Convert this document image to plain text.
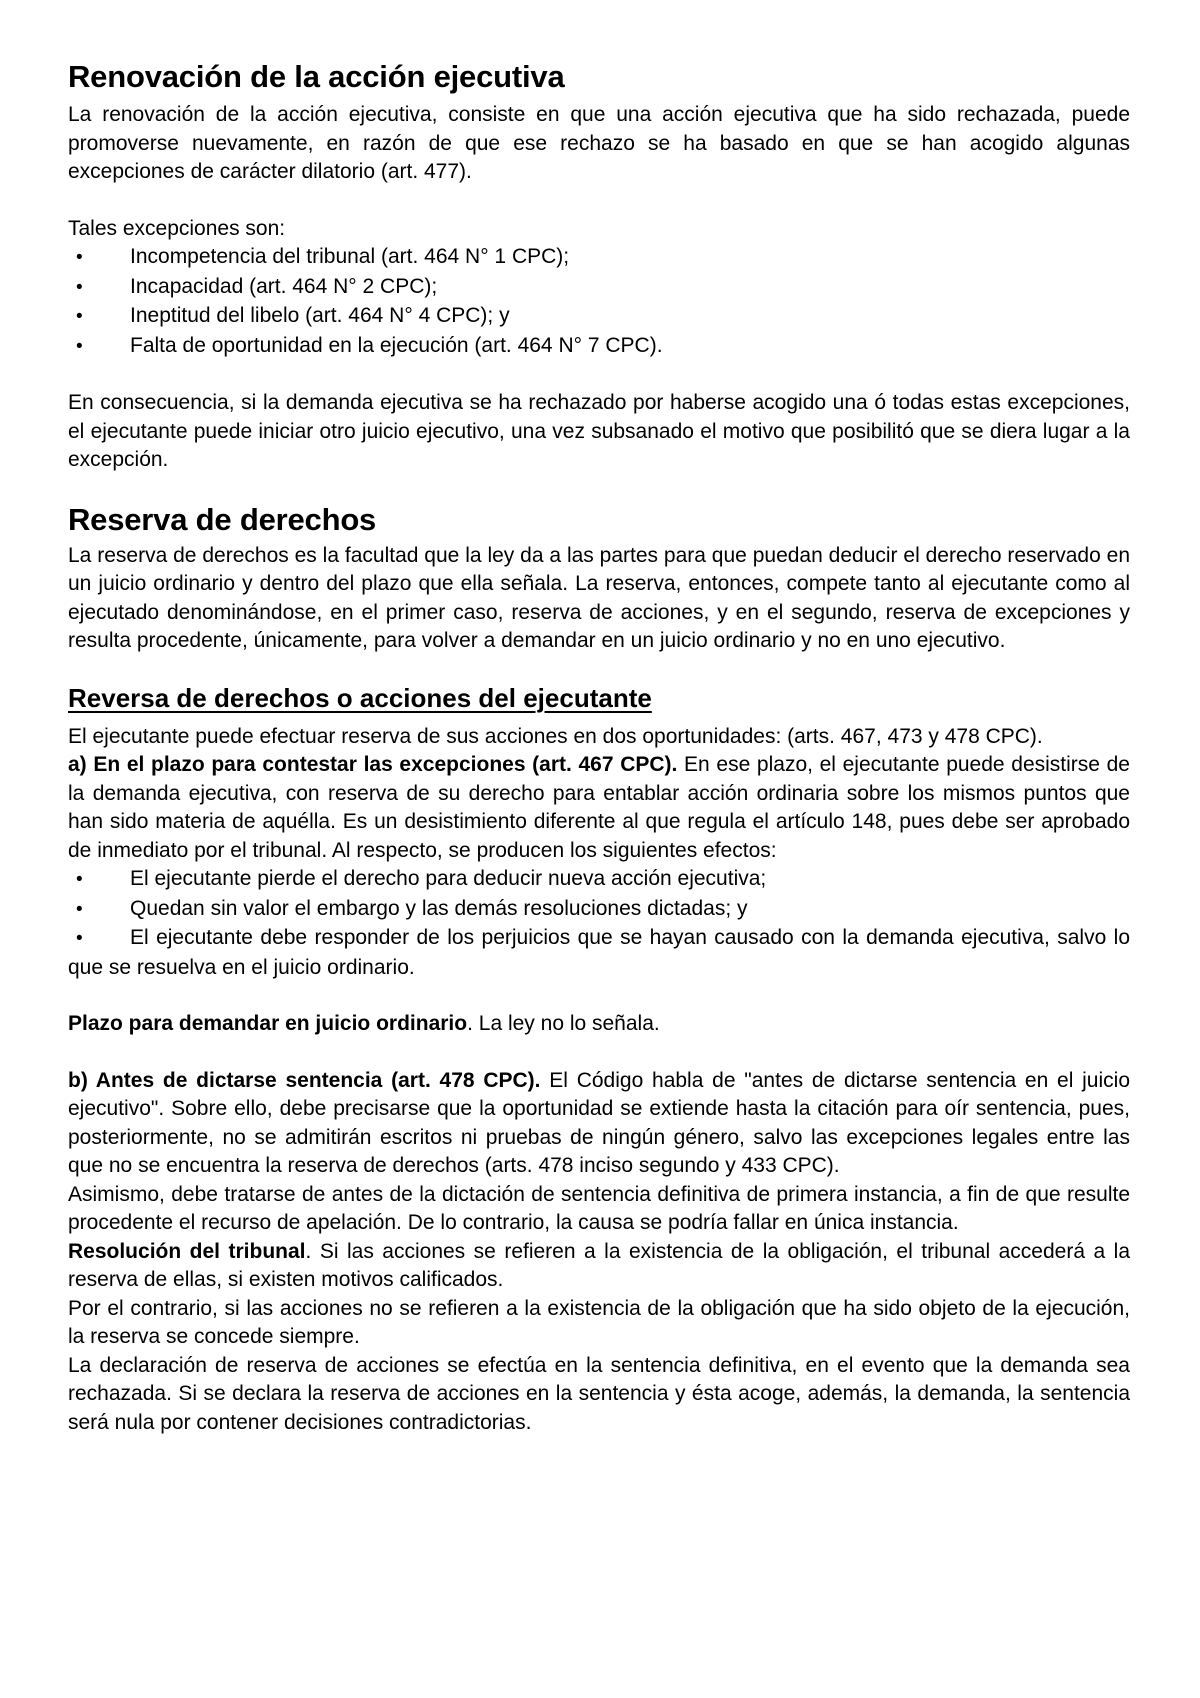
Renovación de la acción ejecutiva

La renovación de la acción ejecutiva, consiste en que una acción ejecutiva que ha sido rechazada, puede promoverse nuevamente, en razón de que ese rechazo se ha basado en que se han acogido algunas excepciones de carácter dilatorio (art. 477).

Tales excepciones son:

• Incompetencia del tribunal (art. 464 N° 1 CPC);
• Incapacidad (art. 464 N° 2 CPC);
• Ineptitud del libelo (art. 464 N° 4 CPC); y
• Falta de oportunidad en la ejecución (art. 464 N° 7 CPC).

En consecuencia, si la demanda ejecutiva se ha rechazado por haberse acogido una ó todas estas excepciones, el ejecutante puede iniciar otro juicio ejecutivo, una vez subsanado el motivo que posibilitó que se diera lugar a la excepción.

Reserva de derechos

La reserva de derechos es la facultad que la ley da a las partes para que puedan deducir el derecho reservado en un juicio ordinario y dentro del plazo que ella señala. La reserva, entonces, compete tanto al ejecutante como al ejecutado denominándose, en el primer caso, reserva de acciones, y en el segundo, reserva de excepciones y resulta procedente, únicamente, para volver a demandar en un juicio ordinario y no en uno ejecutivo.

Reversa de derechos o acciones del ejecutante

El ejecutante puede efectuar reserva de sus acciones en dos oportunidades: (arts. 467, 473 y 478 CPC).

a) En el plazo para contestar las excepciones (art. 467 CPC). En ese plazo, el ejecutante puede desistirse de la demanda ejecutiva, con reserva de su derecho para entablar acción ordinaria sobre los mismos puntos que han sido materia de aquélla. Es un desistimiento diferente al que regula el artículo 148, pues debe ser aprobado de inmediato por el tribunal. Al respecto, se producen los siguientes efectos:

• El ejecutante pierde el derecho para deducir nueva acción ejecutiva;
• Quedan sin valor el embargo y las demás resoluciones dictadas; y
• El ejecutante debe responder de los perjuicios que se hayan causado con la demanda ejecutiva, salvo lo que se resuelva en el juicio ordinario.

Plazo para demandar en juicio ordinario. La ley no lo señala.

b) Antes de dictarse sentencia (art. 478 CPC). El Código habla de "antes de dictarse sentencia en el juicio ejecutivo". Sobre ello, debe precisarse que la oportunidad se extiende hasta la citación para oír sentencia, pues, posteriormente, no se admitirán escritos ni pruebas de ningún género, salvo las excepciones legales entre las que no se encuentra la reserva de derechos (arts. 478 inciso segundo y 433 CPC).

Asimismo, debe tratarse de antes de la dictación de sentencia definitiva de primera instancia, a fin de que resulte procedente el recurso de apelación. De lo contrario, la causa se podría fallar en única instancia.

Resolución del tribunal. Si las acciones se refieren a la existencia de la obligación, el tribunal accederá a la reserva de ellas, si existen motivos calificados.

Por el contrario, si las acciones no se refieren a la existencia de la obligación que ha sido objeto de la ejecución, la reserva se concede siempre.

La declaración de reserva de acciones se efectúa en la sentencia definitiva, en el evento que la demanda sea rechazada. Si se declara la reserva de acciones en la sentencia y ésta acoge, además, la demanda, la sentencia será nula por contener decisiones contradictorias.
